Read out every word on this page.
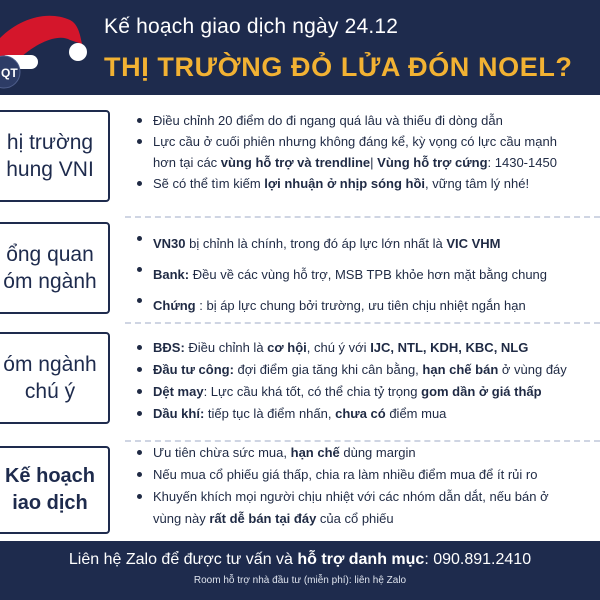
QT
Kế hoạch giao dịch ngày 24.12
THỊ TRƯỜNG ĐỎ LỬA ĐÓN NOEL?
hị trường
hung VNI
Điều chỉnh 20 điểm do đi ngang quá lâu và thiếu đi dòng dẫn
Lực cầu ở cuối phiên nhưng không đáng kể, kỳ vọng có lực cầu mạnh
hơn tại các vùng hỗ trợ và trendline| Vùng hỗ trợ cứng: 1430-1450
Sẽ có thể tìm kiếm lợi nhuận ở nhịp sóng hồi, vững tâm lý nhé!
ổng quan
óm ngành
VN30 bị chỉnh là chính, trong đó áp lực lớn nhất là VIC VHM
Bank: Đều về các vùng hỗ trợ, MSB TPB khỏe hơn mặt bằng chung
Chứng : bị áp lực chung bởi trường, ưu tiên chịu nhiệt ngắn hạn
óm ngành
chú ý
BĐS: Điều chỉnh là cơ hội, chú ý với IJC, NTL, KDH, KBC, NLG
Đầu tư công: đợi điểm gia tăng khi cân bằng, hạn chế bán ở vùng đáy
Dệt may: Lực cầu khá tốt, có thể chia tỷ trọng gom dần ở giá thấp
Dầu khí: tiếp tục là điểm nhấn, chưa có điểm mua
Kế hoạch
iao dịch
Ưu tiên chừa sức mua, hạn chế dùng margin
Nếu mua cổ phiếu giá thấp, chia ra làm nhiều điểm mua để ít rủi ro
Khuyến khích mọi người chịu nhiệt với các nhóm dẫn dắt, nếu bán ở
vùng này rất dễ bán tại đáy của cổ phiếu
Liên hệ Zalo để được tư vấn và hỗ trợ danh mục: 090.891.2410
Room hỗ trợ nhà đầu tư (miễn phí): liên hệ Zalo
